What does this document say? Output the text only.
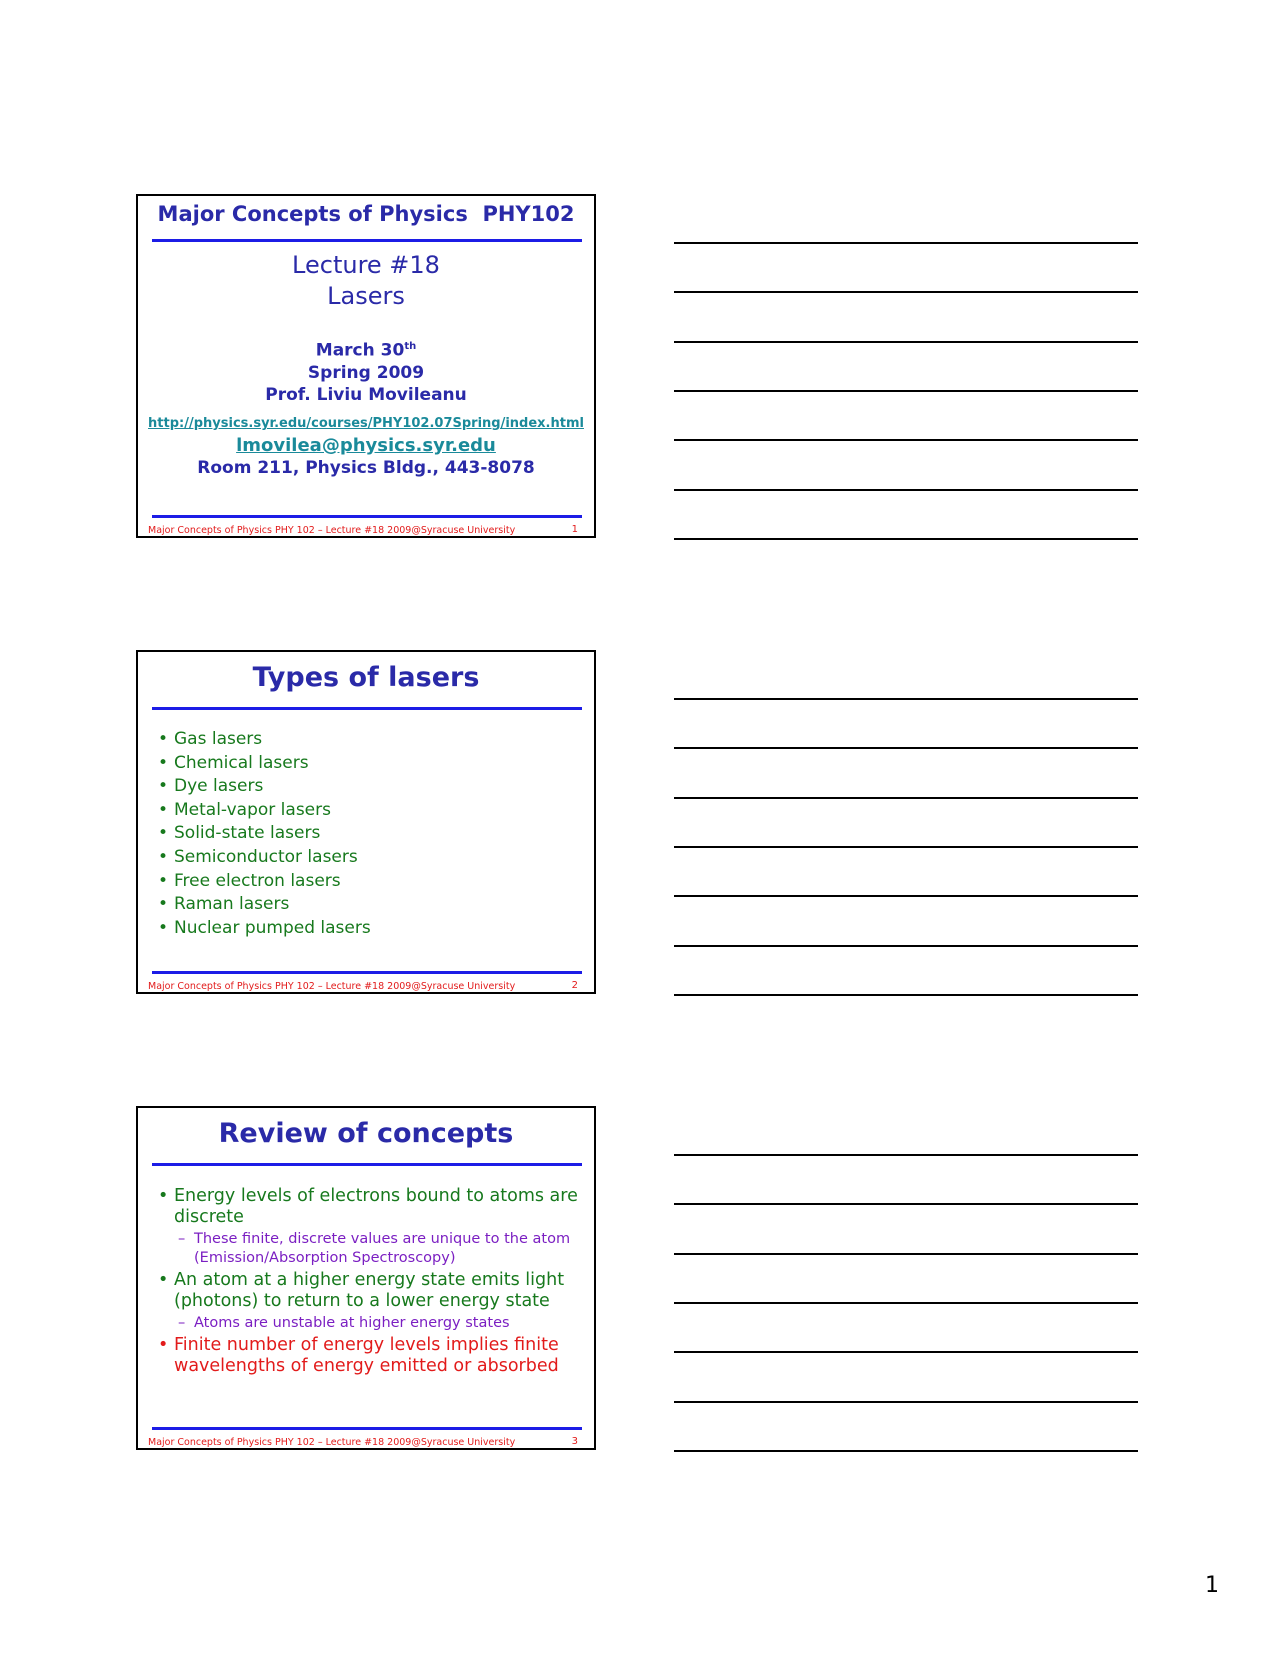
Major Concepts of Physics  PHY102
Lecture #18
Lasers
March 30th
Spring 2009
Prof. Liviu Movileanu
http://physics.syr.edu/courses/PHY102.07Spring/index.html
lmovilea@physics.syr.edu
Room 211, Physics Bldg., 443-8078
Major Concepts of Physics PHY 102 – Lecture #18 2009@Syracuse University	1
Types of lasers
• Gas lasers
• Chemical lasers
• Dye lasers
• Metal-vapor lasers
• Solid-state lasers
• Semiconductor lasers
• Free electron lasers
• Raman lasers
• Nuclear pumped lasers
Major Concepts of Physics PHY 102 – Lecture #18 2009@Syracuse University	2
Review of concepts
• Energy levels of electrons bound to atoms are discrete
– These finite, discrete values are unique to the atom (Emission/Absorption Spectroscopy)
• An atom at a higher energy state emits light (photons) to return to a lower energy state
– Atoms are unstable at higher energy states
• Finite number of energy levels implies finite wavelengths of energy emitted or absorbed
Major Concepts of Physics PHY 102 – Lecture #18 2009@Syracuse University	3
1
